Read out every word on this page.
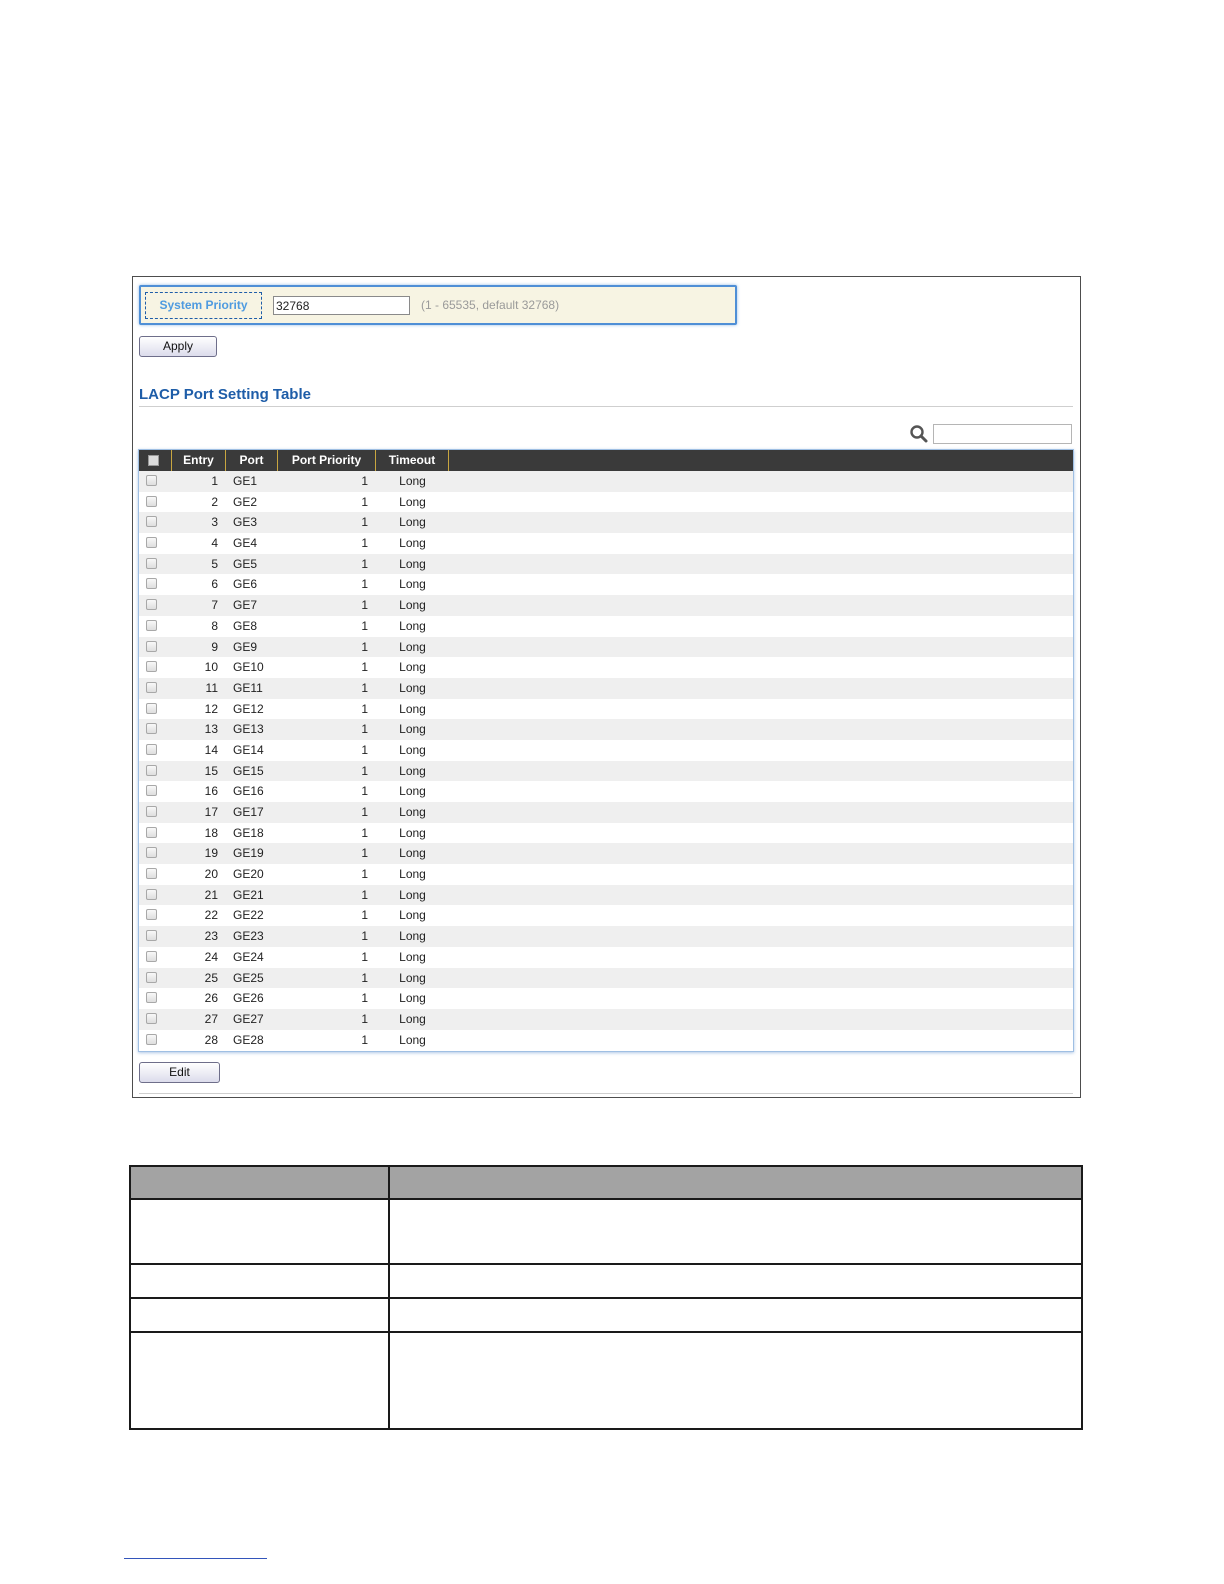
System Priority
32768	(1 - 65535, default 32768)
Apply
LACP Port Setting Table
Entry	Port	Port Priority	Timeout
1 GE1	1	Long
2 GE2	1	Long
3 GE3	1	Long
4 GE4	1	Long
5 GE5	1	Long
6 GE6	1	Long
7 GE7	1	Long
8 GE8	1	Long
9 GE9	1	Long
10 GE10	1	Long
11 GE11	1	Long
12 GE12	1	Long
13 GE13	1	Long
14 GE14	1	Long
15 GE15	1	Long
16 GE16	1	Long
17 GE17	1	Long
18 GE18	1	Long
19 GE19	1	Long
20 GE20	1	Long
21 GE21	1	Long
22 GE22	1	Long
23 GE23	1	Long
24 GE24	1	Long
25 GE25	1	Long
26 GE26	1	Long
27 GE27	1	Long
28 GE28	1	Long
Edit
